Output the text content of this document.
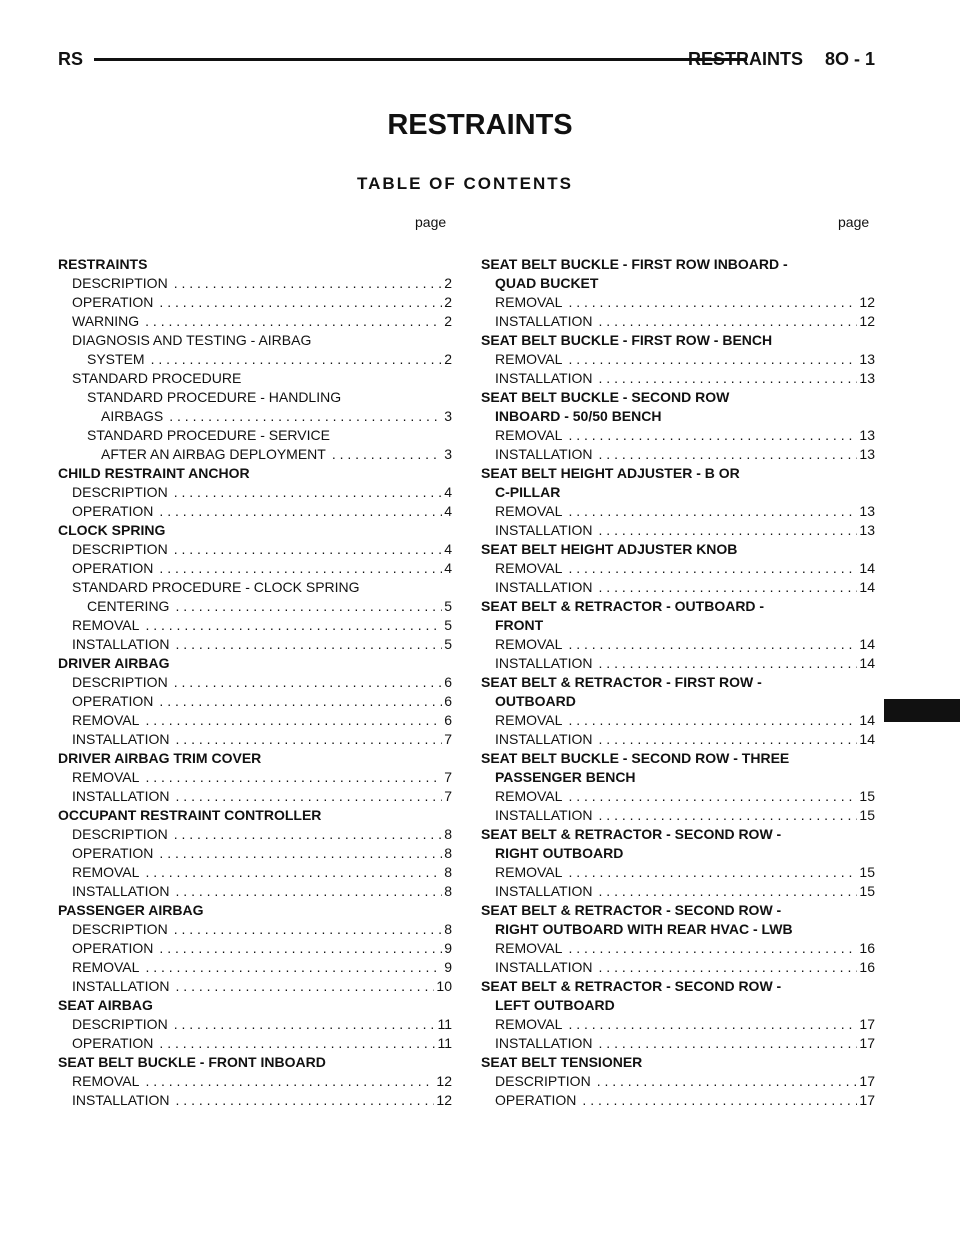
RS	RESTRAINTS 8O - 1
RESTRAINTS
TABLE OF CONTENTS
page	page
RESTRAINTS
DESCRIPTION . . .	2
OPERATION . . .	2
WARNING . . .	2
DIAGNOSIS AND TESTING - AIRBAG
SYSTEM . . .	2
STANDARD PROCEDURE
STANDARD PROCEDURE - HANDLING
AIRBAGS . . .	3
STANDARD PROCEDURE - SERVICE
AFTER AN AIRBAG DEPLOYMENT . . .	3
CHILD RESTRAINT ANCHOR
DESCRIPTION . . .	4
OPERATION . . .	4
CLOCK SPRING
DESCRIPTION . . .	4
OPERATION . . .	4
STANDARD PROCEDURE - CLOCK SPRING
CENTERING . . .	5
REMOVAL . . .	5
INSTALLATION . . .	5
DRIVER AIRBAG
DESCRIPTION . . .	6
OPERATION . . .	6
REMOVAL . . .	6
INSTALLATION . . .	7
DRIVER AIRBAG TRIM COVER
REMOVAL . . .	7
INSTALLATION . . .	7
OCCUPANT RESTRAINT CONTROLLER
DESCRIPTION . . .	8
OPERATION . . .	8
REMOVAL . . .	8
INSTALLATION . . .	8
PASSENGER AIRBAG
DESCRIPTION . . .	8
OPERATION . . .	9
REMOVAL . . .	9
INSTALLATION . . .	10
SEAT AIRBAG
DESCRIPTION . . .	11
OPERATION . . .	11
SEAT BELT BUCKLE - FRONT INBOARD
REMOVAL . . .	12
INSTALLATION . . .	12
SEAT BELT BUCKLE - FIRST ROW INBOARD -
QUAD BUCKET
REMOVAL . . .	12
INSTALLATION . . .	12
SEAT BELT BUCKLE - FIRST ROW - BENCH
REMOVAL . . .	13
INSTALLATION . . .	13
SEAT BELT BUCKLE - SECOND ROW
INBOARD - 50/50 BENCH
REMOVAL . . .	13
INSTALLATION . . .	13
SEAT BELT HEIGHT ADJUSTER - B OR
C-PILLAR
REMOVAL . . .	13
INSTALLATION . . .	13
SEAT BELT HEIGHT ADJUSTER KNOB
REMOVAL . . .	14
INSTALLATION . . .	14
SEAT BELT & RETRACTOR - OUTBOARD -
FRONT
REMOVAL . . .	14
INSTALLATION . . .	14
SEAT BELT & RETRACTOR - FIRST ROW -
OUTBOARD
REMOVAL . . .	14
INSTALLATION . . .	14
SEAT BELT BUCKLE - SECOND ROW - THREE
PASSENGER BENCH
REMOVAL . . .	15
INSTALLATION . . .	15
SEAT BELT & RETRACTOR - SECOND ROW -
RIGHT OUTBOARD
REMOVAL . . .	15
INSTALLATION . . .	15
SEAT BELT & RETRACTOR - SECOND ROW -
RIGHT OUTBOARD WITH REAR HVAC - LWB
REMOVAL . . .	16
INSTALLATION . . .	16
SEAT BELT & RETRACTOR - SECOND ROW -
LEFT OUTBOARD
REMOVAL . . .	17
INSTALLATION . . .	17
SEAT BELT TENSIONER
DESCRIPTION . . .	17
OPERATION . . .	17
